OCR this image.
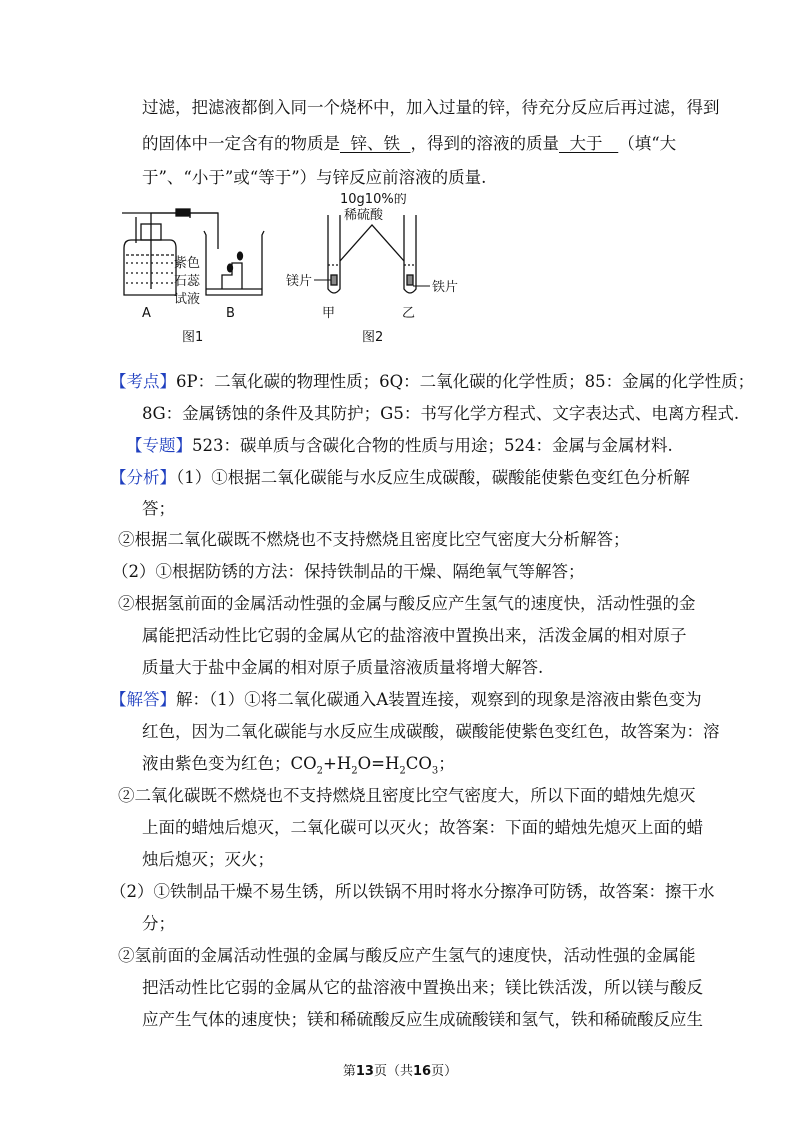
过滤，把滤液都倒入同一个烧杯中，加入过量的锌，待充分反应后再过滤，得到
的固体中一定含有的物质是 锌、铁 ，得到的溶液的质量 大于 （填“大
于”、“小于”或“等于”）与锌反应前溶液的质量.
紫色
石蕊
试液
A	B
图1
10g10%的
稀硫酸
镁片	铁片
甲	乙
图2
【考点】6P：二氧化碳的物理性质；6Q：二氧化碳的化学性质；85：金属的化学性质；
8G：金属锈蚀的条件及其防护；G5：书写化学方程式、文字表达式、电离方程式.
【专题】523：碳单质与含碳化合物的性质与用途；524：金属与金属材料.
【分析】（1）①根据二氧化碳能与水反应生成碳酸，碳酸能使紫色变红色分析解
答；
②根据二氧化碳既不燃烧也不支持燃烧且密度比空气密度大分析解答；
（2）①根据防锈的方法：保持铁制品的干燥、隔绝氧气等解答；
②根据氢前面的金属活动性强的金属与酸反应产生氢气的速度快，活动性强的金
属能把活动性比它弱的金属从它的盐溶液中置换出来，活泼金属的相对原子
质量大于盐中金属的相对原子质量溶液质量将增大解答.
【解答】解：（1）①将二氧化碳通入A装置连接，观察到的现象是溶液由紫色变为
红色，因为二氧化碳能与水反应生成碳酸，碳酸能使紫色变红色，故答案为：溶
液由紫色变为红色；$CO_2+H_2O=H_2CO_3$；
②二氧化碳既不燃烧也不支持燃烧且密度比空气密度大，所以下面的蜡烛先熄灭
上面的蜡烛后熄灭，二氧化碳可以灭火；故答案：下面的蜡烛先熄灭上面的蜡
烛后熄灭；灭火；
（2）①铁制品干燥不易生锈，所以铁锅不用时将水分擦净可防锈，故答案：擦干水
分；
②氢前面的金属活动性强的金属与酸反应产生氢气的速度快，活动性强的金属能
把活动性比它弱的金属从它的盐溶液中置换出来；镁比铁活泼，所以镁与酸反
应产生气体的速度快；镁和稀硫酸反应生成硫酸镁和氢气，铁和稀硫酸反应生
第13页（共16页）
